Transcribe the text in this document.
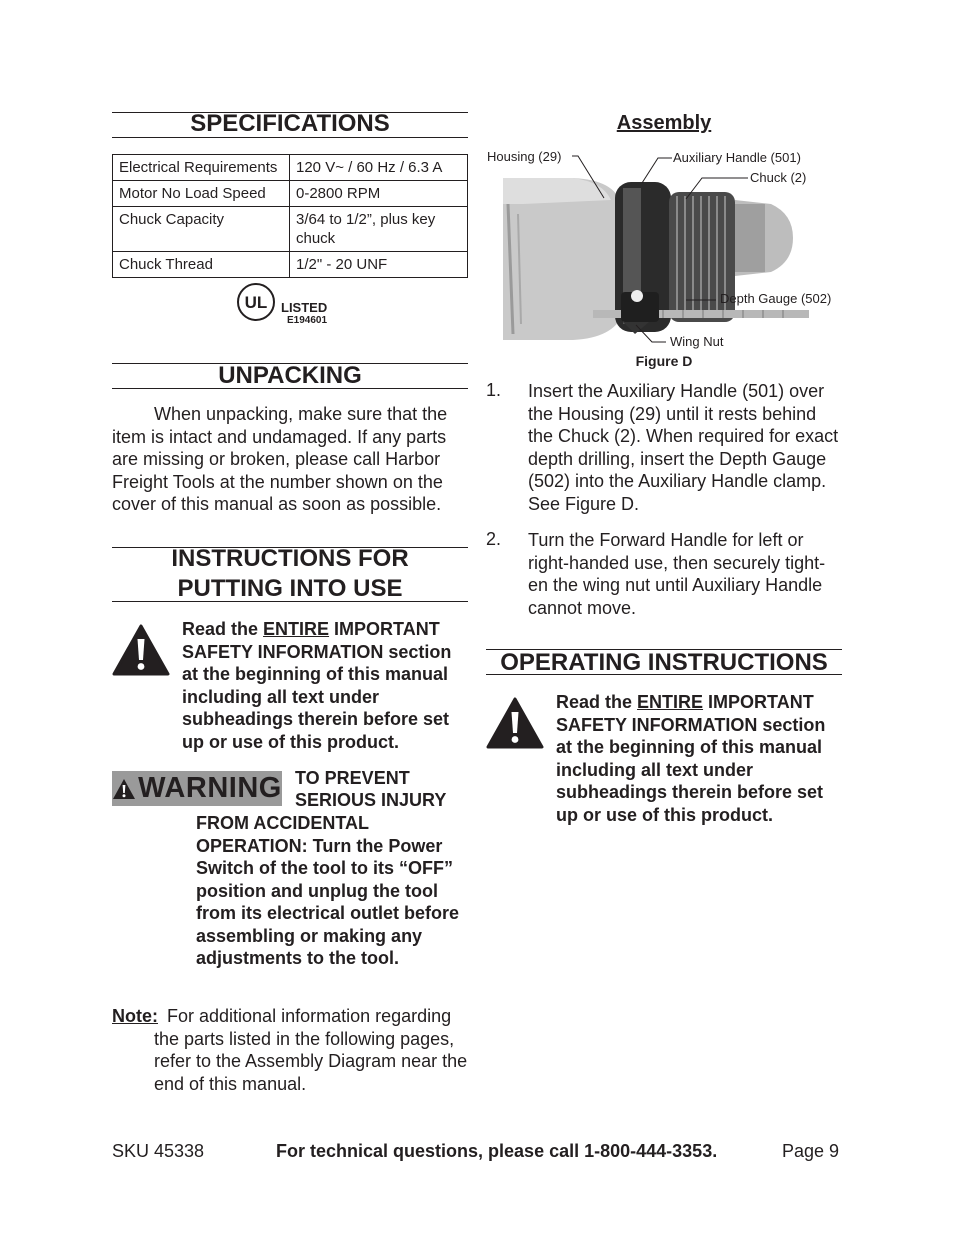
SPECIFICATIONS
Electrical Requirements	120 V~ / 60 Hz / 6.3 A
Motor No Load Speed	0-2800 RPM
Chuck Capacity	3/64 to 1/2”, plus key chuck
Chuck Thread	1/2" - 20 UNF
UL LISTED
E194601
UNPACKING
When unpacking, make sure that the item is intact and undamaged. If any parts are missing or broken, please call Harbor Freight Tools at the number shown on the cover of this manual as soon as possible.
INSTRUCTIONS FOR
PUTTING INTO USE
Read the ENTIRE IMPORTANT SAFETY INFORMATION section at the beginning of this manual including all text under subheadings therein before set up or use of this product.
WARNING TO PREVENT
SERIOUS INJURY
FROM ACCIDENTAL OPERATION: Turn the Power Switch of the tool to its “OFF” position and unplug the tool from its electrical outlet before assembling or making any adjustments to the tool.
Note: For additional information regarding the parts listed in the following pages, refer to the Assembly Diagram near the end of this manual.
Assembly
Housing (29)	Auxiliary Handle (501)
Chuck (2)
Depth Gauge (502)
Wing Nut
Figure D
1. Insert the Auxiliary Handle (501) over the Housing (29) until it rests behind the Chuck (2). When required for exact depth drilling, insert the Depth Gauge (502) into the Auxiliary Handle clamp. See Figure D.
2. Turn the Forward Handle for left or right-handed use, then securely tight-en the wing nut until Auxiliary Handle cannot move.
OPERATING INSTRUCTIONS
Read the ENTIRE IMPORTANT SAFETY INFORMATION section at the beginning of this manual including all text under subheadings therein before set up or use of this product.
SKU 45338	For technical questions, please call 1-800-444-3353.	Page 9
